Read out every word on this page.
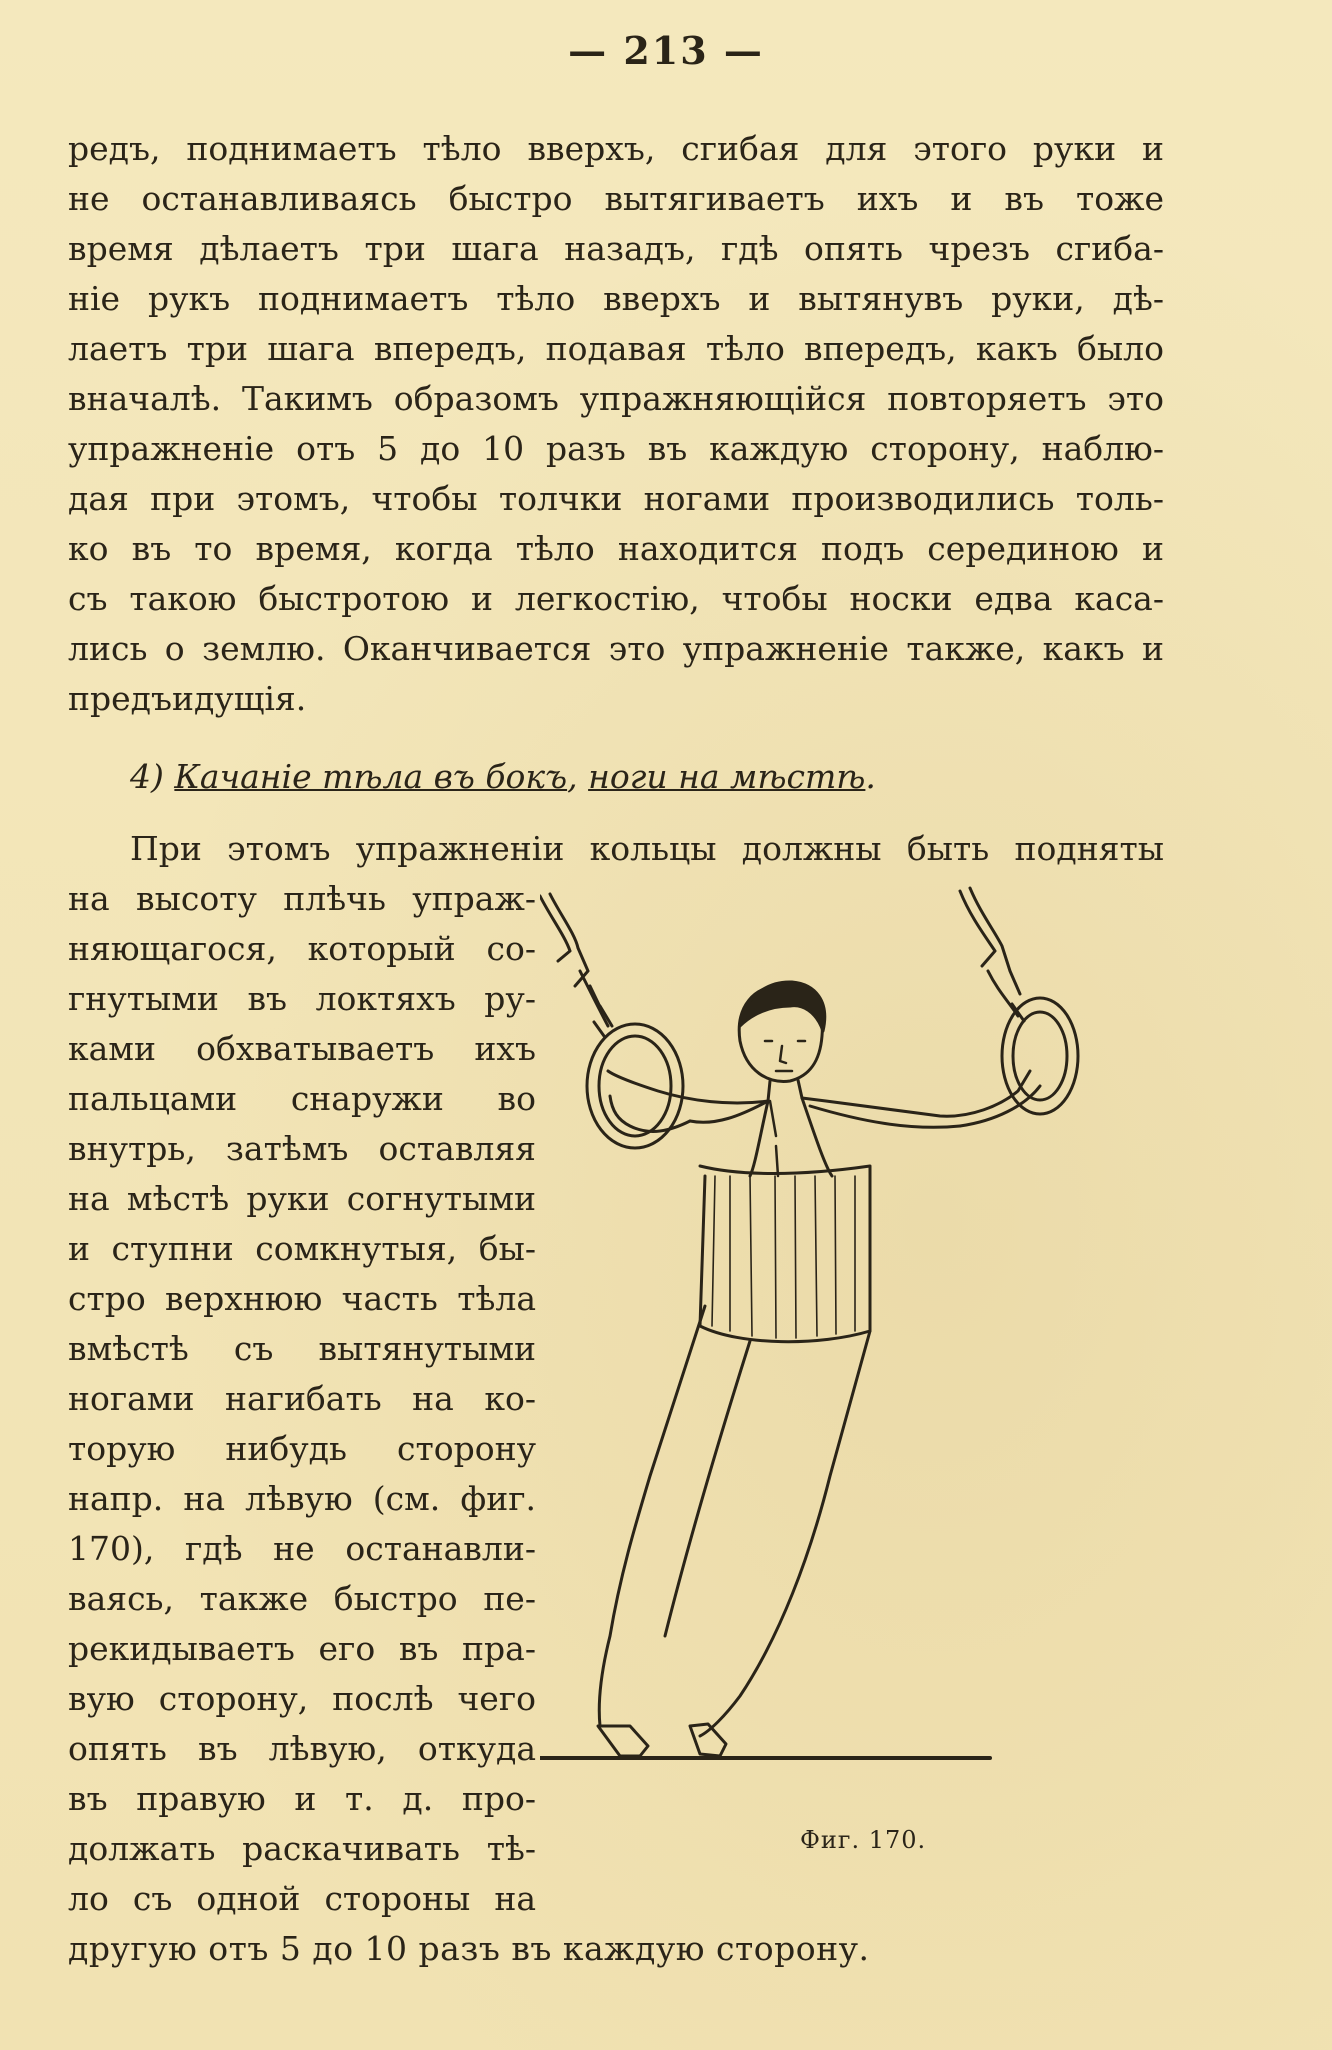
— 213 —
редъ, поднимаетъ тѣло вверхъ, сгибая для этого руки и
не останавливаясь быстро вытягиваетъ ихъ и въ тоже
время дѣлаетъ три шага назадъ, гдѣ опять чрезъ сгиба-
ніе рукъ поднимаетъ тѣло вверхъ и вытянувъ руки, дѣ-
лаетъ три шага впередъ, подавая тѣло впередъ, какъ было
вначалѣ. Такимъ образомъ упражняющійся повторяетъ это
упражненіе отъ 5 до 10 разъ въ каждую сторону, наблю-
дая при этомъ, чтобы толчки ногами производились толь-
ко въ то время, когда тѣло находится подъ серединою и
съ такою быстротою и легкостію, чтобы носки едва каса-
лись о землю. Оканчивается это упражненіе также, какъ и
предъидущія.
4) Качаніе тѣла въ бокъ, ноги на мѣстѣ.
При этомъ упражненіи кольцы должны быть подняты
на высоту плѣчь упраж-
няющагося, который со-
гнутыми въ локтяхъ ру-
ками обхватываетъ ихъ
пальцами снаружи во
внутрь, затѣмъ оставляя
на мѣстѣ руки согнутыми
и ступни сомкнутыя, бы-
стро верхнюю часть тѣла
вмѣстѣ съ вытянутыми
ногами нагибать на ко-
торую нибудь сторону
напр. на лѣвую (см. фиг.
170), гдѣ не останавли-
ваясь, также быстро пе-
рекидываетъ его въ пра-
вую сторону, послѣ чего
опять въ лѣвую, откуда
въ правую и т. д. про-
должать раскачивать тѣ-
ло съ одной стороны на
другую отъ 5 до 10 разъ въ каждую сторону.
Фиг. 170.
